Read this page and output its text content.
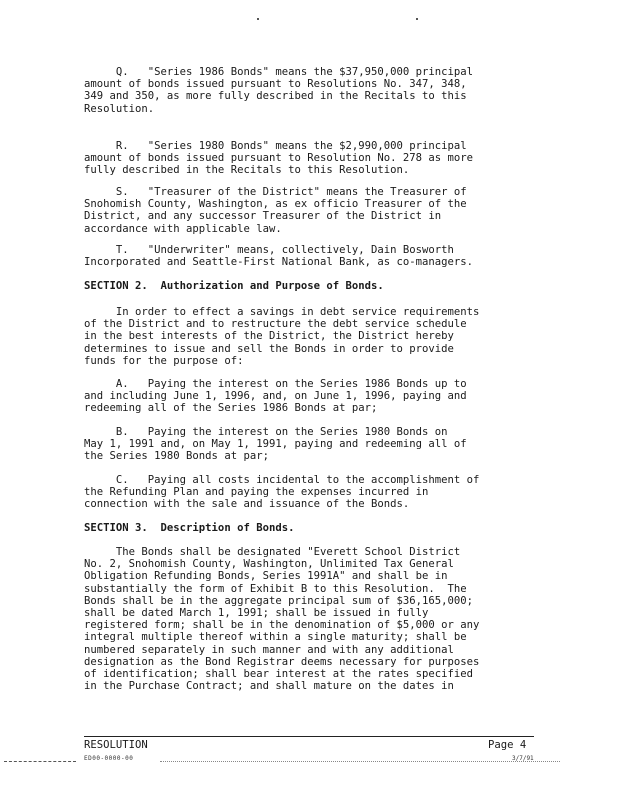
Q.   "Series 1986 Bonds" means the $37,950,000 principal
amount of bonds issued pursuant to Resolutions No. 347, 348,
349 and 350, as more fully described in the Recitals to this
Resolution.
R.   "Series 1980 Bonds" means the $2,990,000 principal
amount of bonds issued pursuant to Resolution No. 278 as more
fully described in the Recitals to this Resolution.
S.   "Treasurer of the District" means the Treasurer of
Snohomish County, Washington, as ex officio Treasurer of the
District, and any successor Treasurer of the District in
accordance with applicable law.
T.   "Underwriter" means, collectively, Dain Bosworth
Incorporated and Seattle-First National Bank, as co-managers.
SECTION 2.  Authorization and Purpose of Bonds.
In order to effect a savings in debt service requirements
of the District and to restructure the debt service schedule
in the best interests of the District, the District hereby
determines to issue and sell the Bonds in order to provide
funds for the purpose of:
A.   Paying the interest on the Series 1986 Bonds up to
and including June 1, 1996, and, on June 1, 1996, paying and
redeeming all of the Series 1986 Bonds at par;
B.   Paying the interest on the Series 1980 Bonds on
May 1, 1991 and, on May 1, 1991, paying and redeeming all of
the Series 1980 Bonds at par;
C.   Paying all costs incidental to the accomplishment of
the Refunding Plan and paying the expenses incurred in
connection with the sale and issuance of the Bonds.
SECTION 3.  Description of Bonds.
The Bonds shall be designated "Everett School District
No. 2, Snohomish County, Washington, Unlimited Tax General
Obligation Refunding Bonds, Series 1991A" and shall be in
substantially the form of Exhibit B to this Resolution.  The
Bonds shall be in the aggregate principal sum of $36,165,000;
shall be dated March 1, 1991; shall be issued in fully
registered form; shall be in the denomination of $5,000 or any
integral multiple thereof within a single maturity; shall be
numbered separately in such manner and with any additional
designation as the Bond Registrar deems necessary for purposes
of identification; shall bear interest at the rates specified
in the Purchase Contract; and shall mature on the dates in
RESOLUTION	Page 4
ED00-0000-00	3/7/91
